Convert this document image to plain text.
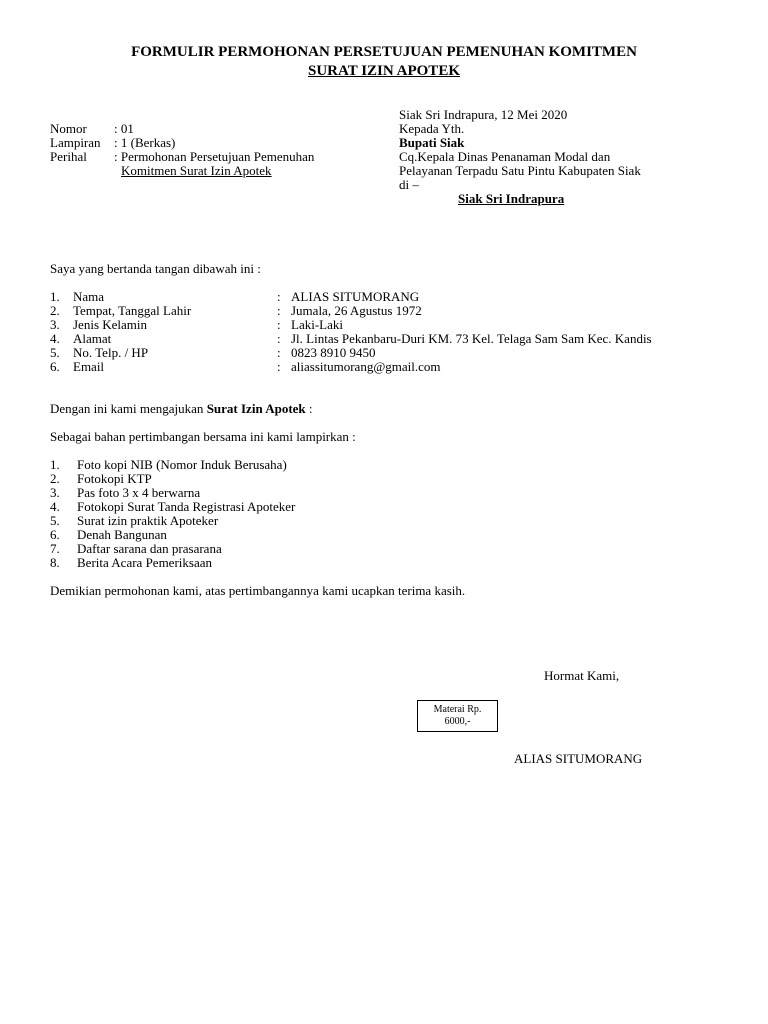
FORMULIR PERMOHONAN PERSETUJUAN PEMENUHAN KOMITMEN
SURAT IZIN APOTEK
Nomor : 01
Lampiran : 1 (Berkas)
Perihal : Permohonan Persetujuan Pemenuhan
Komitmen Surat Izin Apotek
Siak Sri Indrapura, 12 Mei 2020
Kepada Yth.
Bupati Siak
Cq.Kepala Dinas Penanaman Modal dan
Pelayanan Terpadu Satu Pintu Kabupaten Siak
di –
Siak Sri Indrapura
Saya yang bertanda tangan dibawah ini :
1. Nama	: ALIAS SITUMORANG
2. Tempat, Tanggal Lahir	: Jumala, 26 Agustus 1972
3. Jenis Kelamin	: Laki-Laki
4. Alamat	: Jl. Lintas Pekanbaru-Duri KM. 73 Kel. Telaga Sam Sam Kec. Kandis
5. No. Telp. / HP	: 0823 8910 9450
6. Email	: aliassitumorang@gmail.com
Dengan ini kami mengajukan Surat Izin Apotek :
Sebagai bahan pertimbangan bersama ini kami lampirkan :
1. Foto kopi NIB (Nomor Induk Berusaha)
2. Fotokopi KTP
3. Pas foto 3 x 4 berwarna
4. Fotokopi Surat Tanda Registrasi Apoteker
5. Surat izin praktik Apoteker
6. Denah Bangunan
7. Daftar sarana dan prasarana
8. Berita Acara Pemeriksaan
Demikian permohonan kami, atas pertimbangannya kami ucapkan terima kasih.
Hormat Kami,
Materai Rp.
6000,-
ALIAS SITUMORANG
